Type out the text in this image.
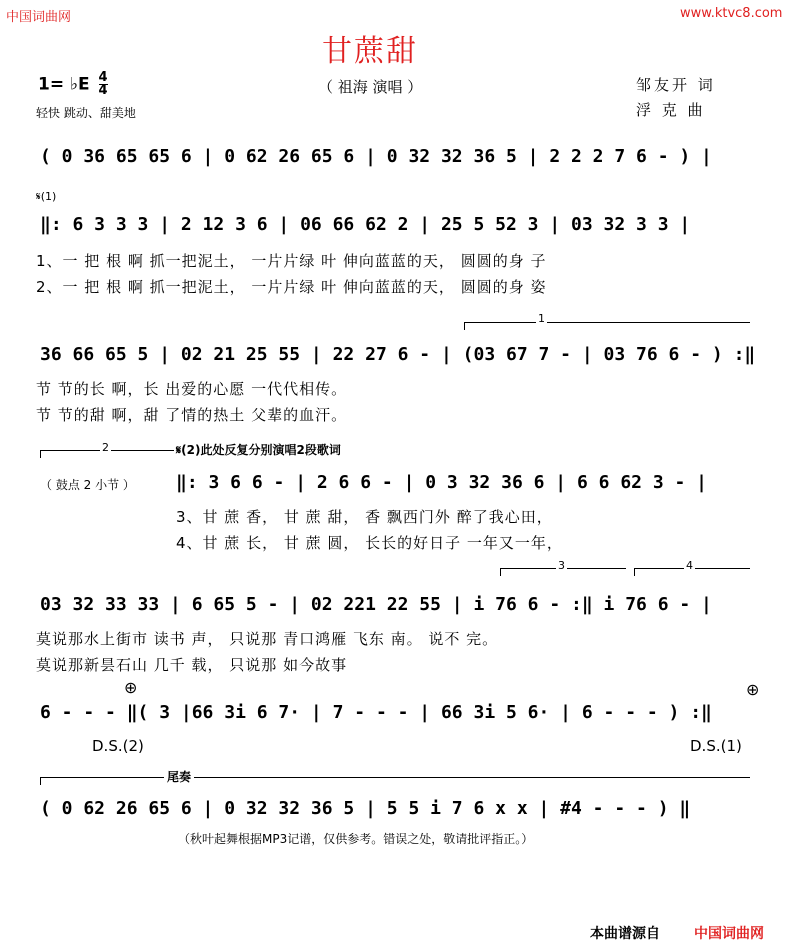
中国词曲网	www.ktvc8.com
甘蔗甜
（ 祖海 演唱 ）	邹友开 词
浮 克 曲
1= ♭E $\frac{4}{4}$
轻快 跳动、甜美地
( 0 36 65 65 6 | 0 62 26 65 6 | 0 32 32 36 5 | 2 2 2 7 6 - ) |
𝄋(1)
‖: 6 3 3 3 | 2 12 3 6 | 06 66 62 2 | 25 5 52 3 | 03 32 3 3 |
1、一 把 根 啊 抓一把泥土， 一片片绿 叶 伸向蓝蓝的天， 圆圆的身 子
2、一 把 根 啊 抓一把泥土， 一片片绿 叶 伸向蓝蓝的天， 圆圆的身 姿
1
36 66 65 5 | 02 21 25 55 | 22 27 6 - | (03 67 7 - | 03 76 6 - ) :‖
节 节的长 啊，长 出爱的心愿 一代代相传。
节 节的甜 啊，甜 了情的热土 父辈的血汗。
2	𝄋(2)此处反复分别演唱2段歌词
（ 鼓点 2 小节 ） ‖: 3 6 6 - | 2 6 6 - | 0 3 32 36 6 | 6 6 62 3 - |
3、甘 蔗 香， 甘 蔗 甜， 香 飘西门外 醉了我心田，
4、甘 蔗 长， 甘 蔗 圆， 长长的好日子 一年又一年，
3	4
03 32 33 33 | 6 65 5 - | 02 221 22 55 | i 76 6 - :‖ i 76 6 - |
莫说那水上街市 读书 声， 只说那 青口鸿雁 飞东 南。 说不 完。
莫说那新昙石山 几千 载， 只说那 如今故事
⊕	⊕
6 - - - ‖( 3 |66 3i 6 7· | 7 - - - | 66 3i 5 6· | 6 - - - ) :‖
D.S.(2)	D.S.(1)
尾奏
( 0 62 26 65 6 | 0 32 32 36 5 | 5 5 i 7 6 x x | #4 - - - ) ‖
（秋叶起舞根据MP3记谱，仅供参考。错误之处，敬请批评指正。）
本曲谱源自 中国词曲网
